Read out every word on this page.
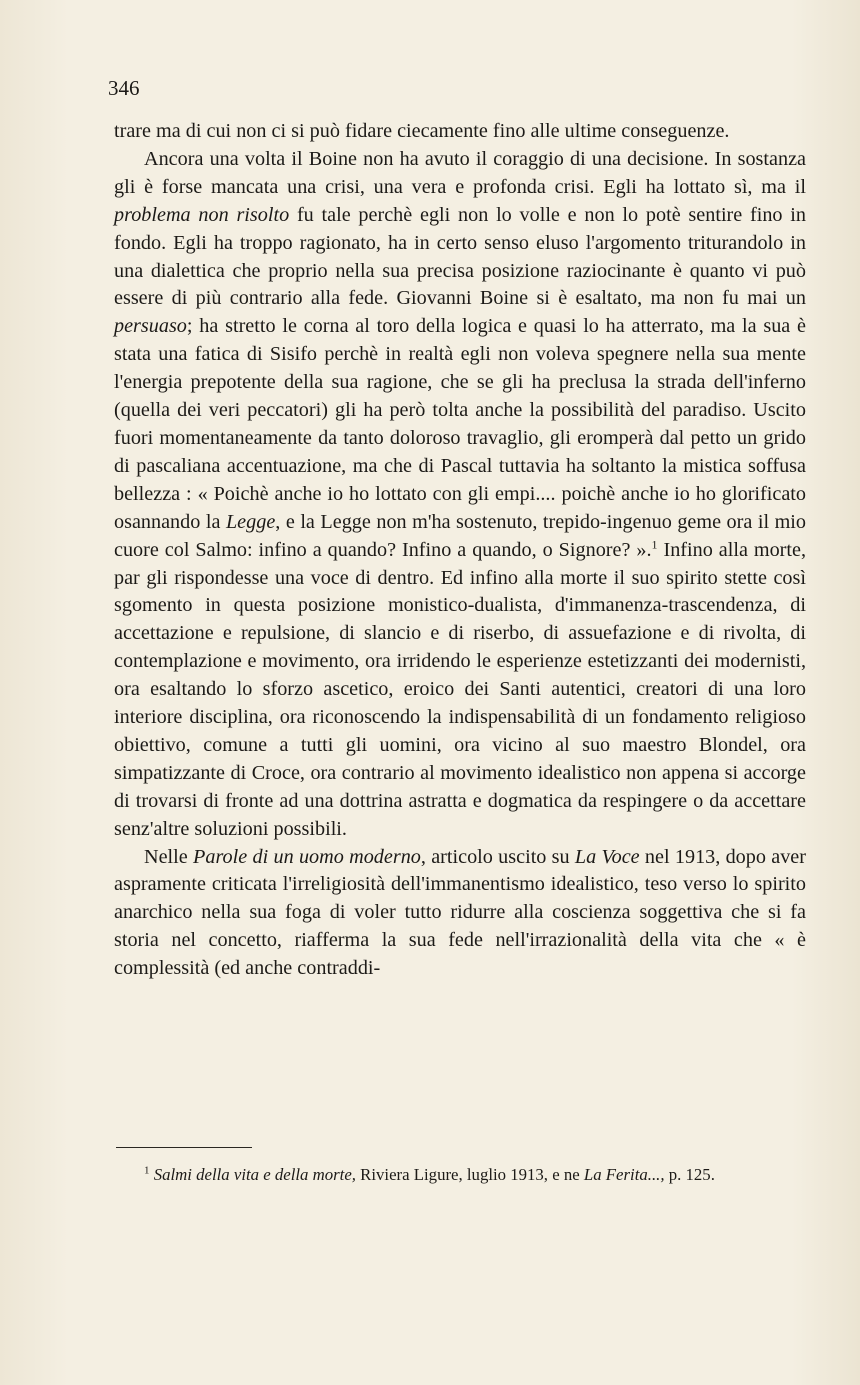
346

trare ma di cui non ci si può fidare ciecamente fino alle ultime conseguenze.

Ancora una volta il Boine non ha avuto il coraggio di una decisione. In sostanza gli è forse mancata una crisi, una vera e profonda crisi. Egli ha lottato sì, ma il problema non risolto fu tale perchè egli non lo volle e non lo potè sentire fino in fondo. Egli ha troppo ragionato, ha in certo senso eluso l'argomento triturandolo in una dialettica che proprio nella sua precisa posizione raziocinante è quanto vi può essere di più contrario alla fede. Giovanni Boine si è esaltato, ma non fu mai un persuaso; ha stretto le corna al toro della logica e quasi lo ha atterrato, ma la sua è stata una fatica di Sisifo perchè in realtà egli non voleva spegnere nella sua mente l'energia prepotente della sua ragione, che se gli ha preclusa la strada dell'inferno (quella dei veri peccatori) gli ha però tolta anche la possibilità del paradiso. Uscito fuori momentaneamente da tanto doloroso travaglio, gli eromperà dal petto un grido di pascaliana accentuazione, ma che di Pascal tuttavia ha soltanto la mistica soffusa bellezza : « Poichè anche io ho lottato con gli empi.... poichè anche io ho glorificato osannando la Legge, e la Legge non m'ha sostenuto, trepido-ingenuo geme ora il mio cuore col Salmo: infino a quando? Infino a quando, o Signore? ».$^1$ Infino alla morte, par gli rispondesse una voce di dentro. Ed infino alla morte il suo spirito stette così sgomento in questa posizione monistico-dualista, d'immanenza-trascendenza, di accettazione e repulsione, di slancio e di riserbo, di assuefazione e di rivolta, di contemplazione e movimento, ora irridendo le esperienze estetizzanti dei modernisti, ora esaltando lo sforzo ascetico, eroico dei Santi autentici, creatori di una loro interiore disciplina, ora riconoscendo la indispensabilità di un fondamento religioso obiettivo, comune a tutti gli uomini, ora vicino al suo maestro Blondel, ora simpatizzante di Croce, ora contrario al movimento idealistico non appena si accorge di trovarsi di fronte ad una dottrina astratta e dogmatica da respingere o da accettare senz'altre soluzioni possibili.

Nelle Parole di un uomo moderno, articolo uscito su La Voce nel 1913, dopo aver aspramente criticata l'irreligiosità dell'immanentismo idealistico, teso verso lo spirito anarchico nella sua foga di voler tutto ridurre alla coscienza soggettiva che si fa storia nel concetto, riafferma la sua fede nell'irrazionalità della vita che « è complessità (ed anche contraddi-

$^1$ Salmi della vita e della morte, Riviera Ligure, luglio 1913, e ne La Ferita..., p. 125.
